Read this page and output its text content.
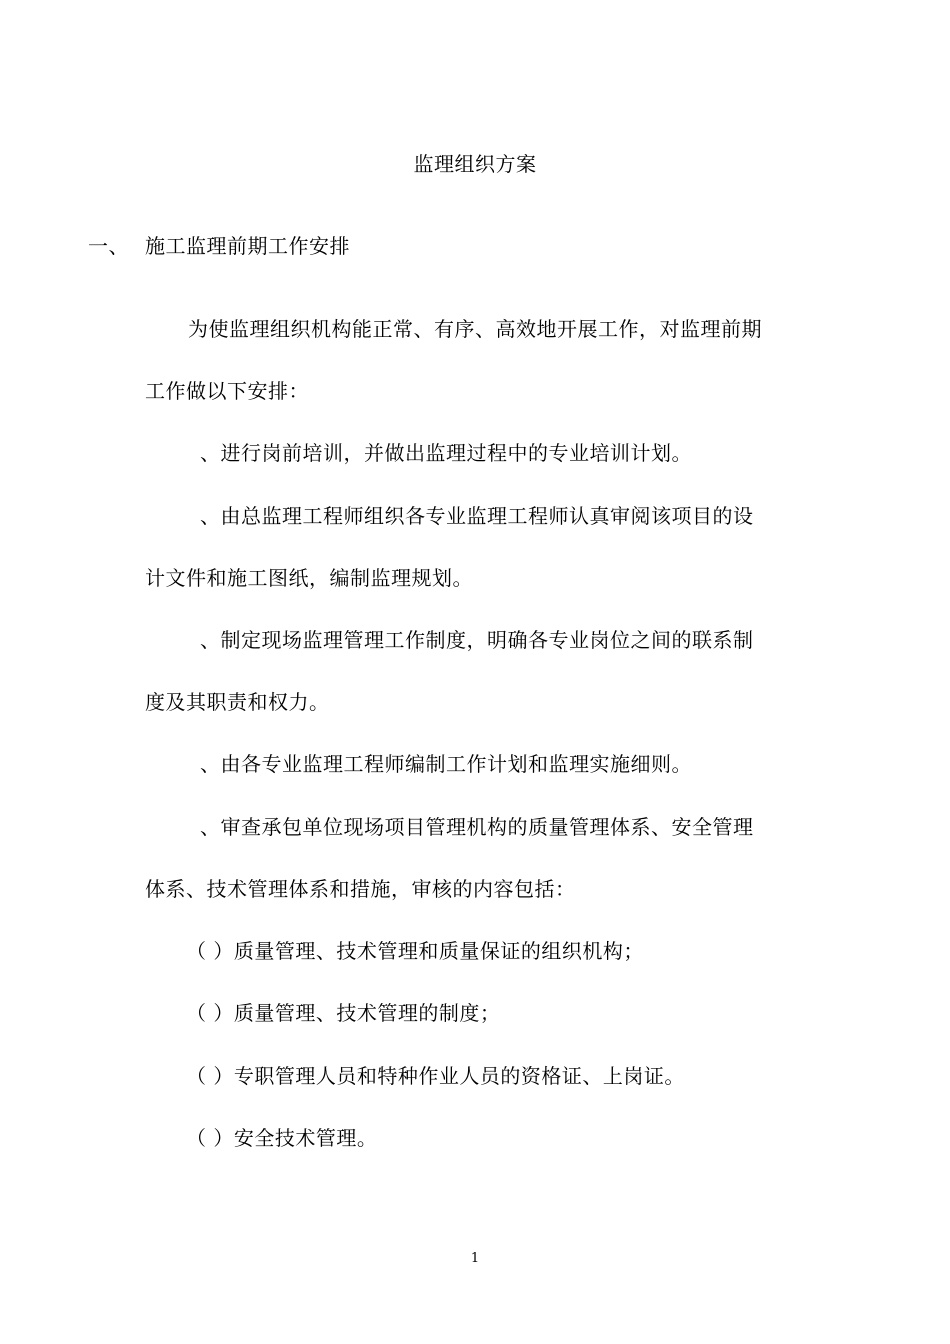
监理组织方案
一、 施工监理前期工作安排
为使监理组织机构能正常、有序、高效地开展工作，对监理前期
工作做以下安排：
、进行岗前培训，并做出监理过程中的专业培训计划。
、由总监理工程师组织各专业监理工程师认真审阅该项目的设
计文件和施工图纸，编制监理规划。
、制定现场监理管理工作制度，明确各专业岗位之间的联系制
度及其职责和权力。
、由各专业监理工程师编制工作计划和监理实施细则。
、审查承包单位现场项目管理机构的质量管理体系、安全管理
体系、技术管理体系和措施，审核的内容包括：
（ ）质量管理、技术管理和质量保证的组织机构；
（ ）质量管理、技术管理的制度；
（ ）专职管理人员和特种作业人员的资格证、上岗证。
（ ）安全技术管理。
1
